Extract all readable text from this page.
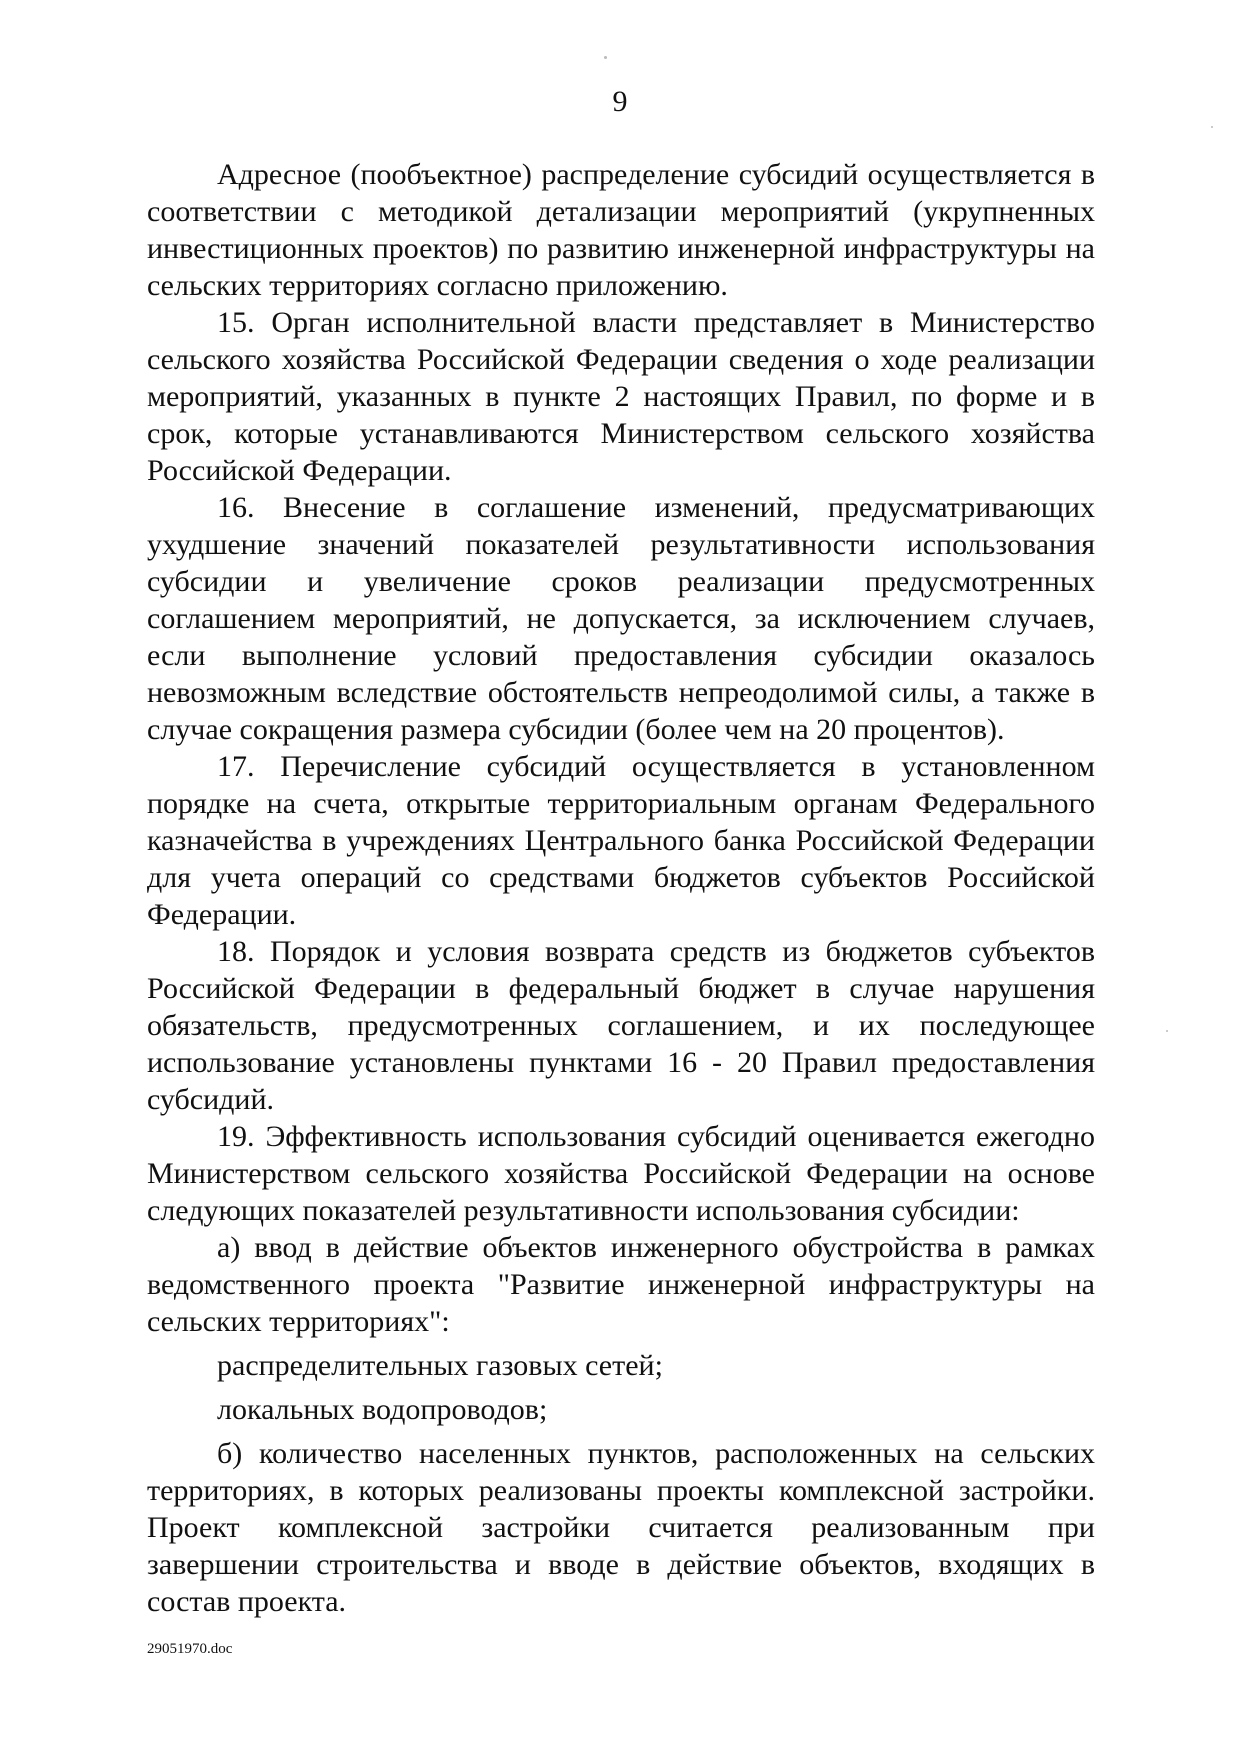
9

Адресное (пообъектное) распределение субсидий осуществляется в соответствии с методикой детализации мероприятий (укрупненных инвестиционных проектов) по развитию инженерной инфраструктуры на сельских территориях согласно приложению.

15. Орган исполнительной власти представляет в Министерство сельского хозяйства Российской Федерации сведения о ходе реализации мероприятий, указанных в пункте 2 настоящих Правил, по форме и в срок, которые устанавливаются Министерством сельского хозяйства Российской Федерации.

16. Внесение в соглашение изменений, предусматривающих ухудшение значений показателей результативности использования субсидии и увеличение сроков реализации предусмотренных соглашением мероприятий, не допускается, за исключением случаев, если выполнение условий предоставления субсидии оказалось невозможным вследствие обстоятельств непреодолимой силы, а также в случае сокращения размера субсидии (более чем на 20 процентов).

17. Перечисление субсидий осуществляется в установленном порядке на счета, открытые территориальным органам Федерального казначейства в учреждениях Центрального банка Российской Федерации для учета операций со средствами бюджетов субъектов Российской Федерации.

18. Порядок и условия возврата средств из бюджетов субъектов Российской Федерации в федеральный бюджет в случае нарушения обязательств, предусмотренных соглашением, и их последующее использование установлены пунктами 16 - 20 Правил предоставления субсидий.

19. Эффективность использования субсидий оценивается ежегодно Министерством сельского хозяйства Российской Федерации на основе следующих показателей результативности использования субсидии:

а) ввод в действие объектов инженерного обустройства в рамках ведомственного проекта "Развитие инженерной инфраструктуры на сельских территориях":

распределительных газовых сетей;

локальных водопроводов;

б) количество населенных пунктов, расположенных на сельских территориях, в которых реализованы проекты комплексной застройки. Проект комплексной застройки считается реализованным при завершении строительства и вводе в действие объектов, входящих в состав проекта.

29051970.doc
